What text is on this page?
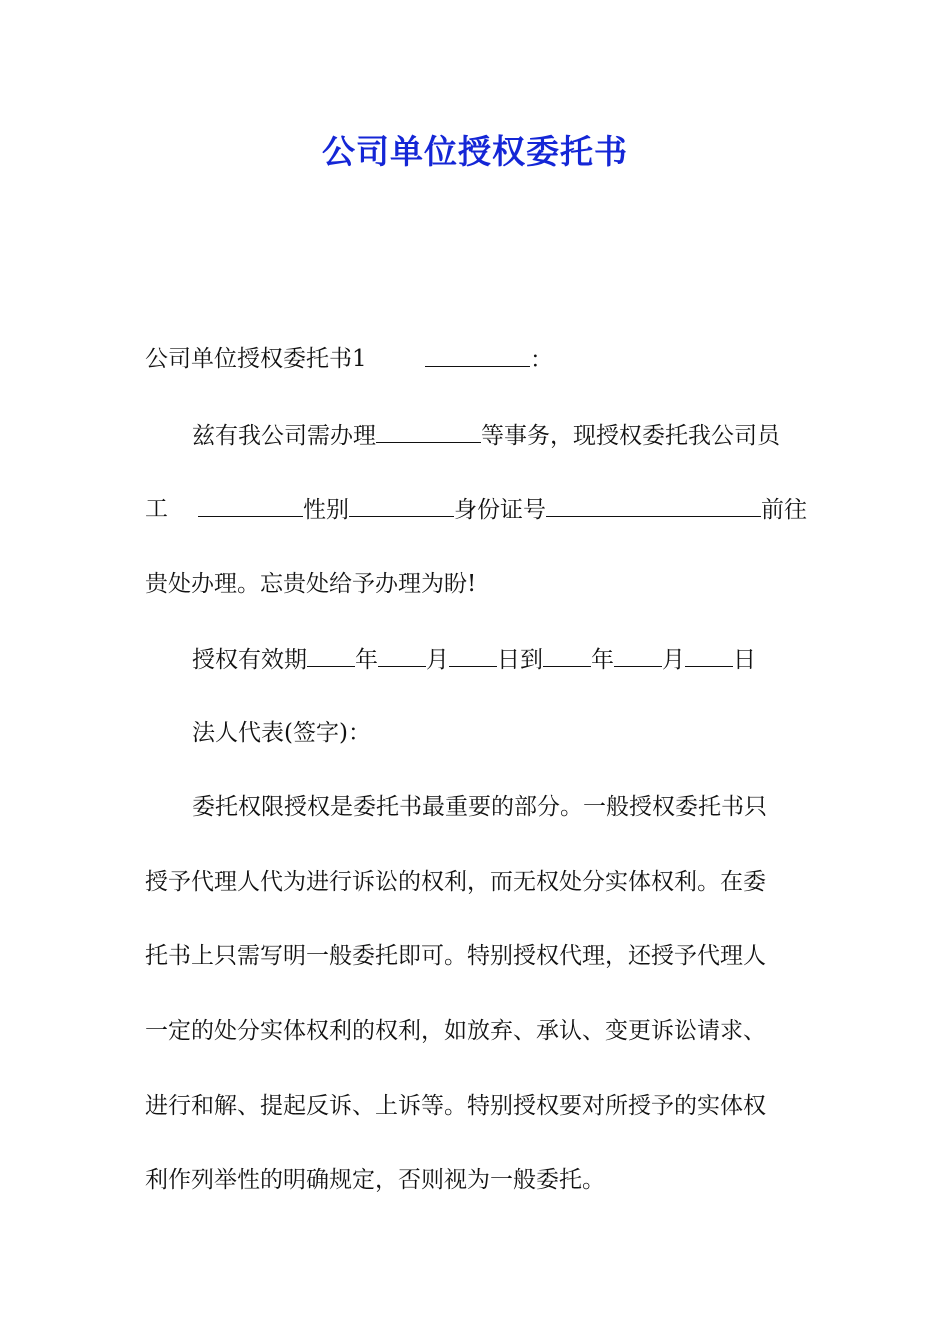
公司单位授权委托书
公司单位授权委托书1	：
兹有我公司需办理	等事务，现授权委托我公司员
工	性别	身份证号	前往
贵处办理。忘贵处给予办理为盼!
授权有效期 年 月 日到 年 月 日
法人代表(签字)：
委托权限授权是委托书最重要的部分。一般授权委托书只
授予代理人代为进行诉讼的权利，而无权处分实体权利。在委
托书上只需写明一般委托即可。特别授权代理，还授予代理人
一定的处分实体权利的权利，如放弃、承认、变更诉讼请求、
进行和解、提起反诉、上诉等。特别授权要对所授予的实体权
利作列举性的明确规定，否则视为一般委托。
